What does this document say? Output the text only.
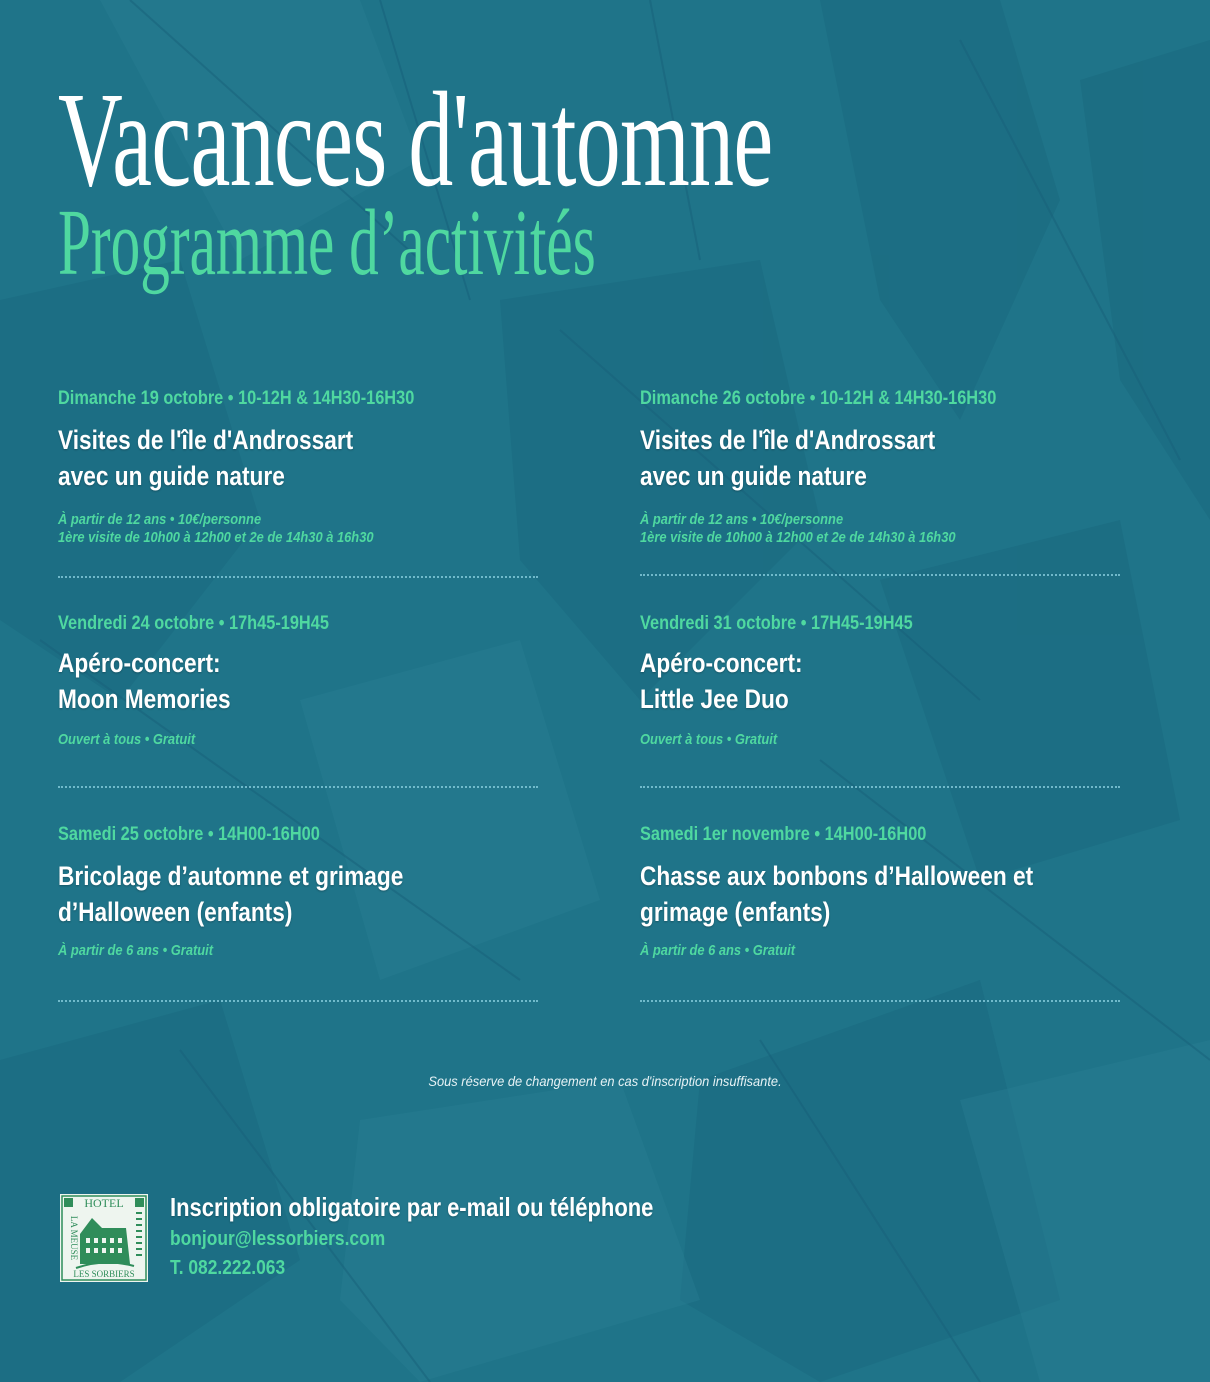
Vacances d'automne
Programme d’activités
Dimanche 19 octobre • 10-12H & 14H30-16H30
Visites de l'île d'Androssart
avec un guide nature
À partir de 12 ans • 10€/personne
1ère visite de 10h00 à 12h00 et 2e de 14h30 à 16h30
Dimanche 26 octobre • 10-12H & 14H30-16H30
Visites de l'île d'Androssart
avec un guide nature
À partir de 12 ans • 10€/personne
1ère visite de 10h00 à 12h00 et 2e de 14h30 à 16h30
Vendredi 24 octobre • 17h45-19H45
Apéro-concert:
Moon Memories
Ouvert à tous • Gratuit
Vendredi 31 octobre • 17H45-19H45
Apéro-concert:
Little Jee Duo
Ouvert à tous • Gratuit
Samedi 25 octobre • 14H00-16H00
Bricolage d’automne et grimage
d’Halloween (enfants)
À partir de 6 ans • Gratuit
Samedi 1er novembre • 14H00-16H00
Chasse aux bonbons d’Halloween et
grimage (enfants)
À partir de 6 ans • Gratuit
Sous réserve de changement en cas d'inscription insuffisante.
HOTEL
LES SORBIERS
LA MEUSE
Inscription obligatoire par e-mail ou téléphone
bonjour@lessorbiers.com
T. 082.222.063
